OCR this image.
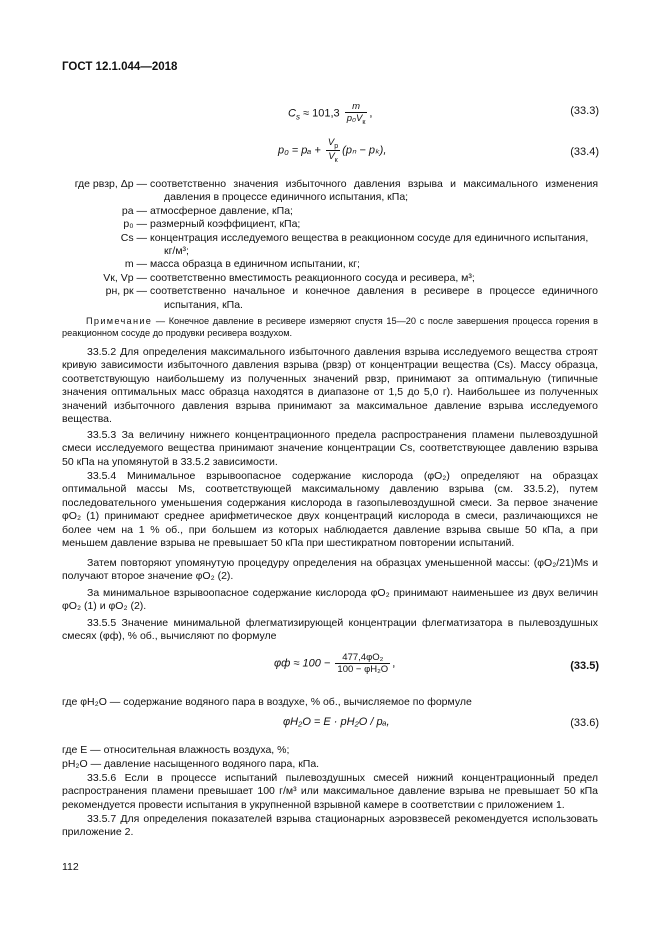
ГОСТ 12.1.044—2018
$C_s \approx 101,3 \frac{m}{p_0V_к}$ ,	(33.3)
$p_0 = p_a + \frac{V_р}{V_к} (p_n - p_k)$,	(33.4)
где pвзр, Δp — соответственно значения избыточного давления взрыва и максимального изменения давления в процессе единичного испытания, кПа;
pа — атмосферное давление, кПа;
p₀ — размерный коэффициент, кПа;
Cs — концентрация исследуемого вещества в реакционном сосуде для единичного испытания, кг/м³;
m — масса образца в единичном испытании, кг;
Vк, Vр — соответственно вместимость реакционного сосуда и ресивера, м³;
pн, pк — соответственно начальное и конечное давления в ресивере в процессе единичного испытания, кПа.
Примечание — Конечное давление в ресивере измеряют спустя 15—20 с после завершения процесса горения в реакционном сосуде до продувки ресивера воздухом.
33.5.2 Для определения максимального избыточного давления взрыва исследуемого вещества строят кривую зависимости избыточного давления взрыва (pвзр) от концентрации вещества (Cs). Массу образца, соответствующую наибольшему из полученных значений pвзр, принимают за оптимальную (типичные значения оптимальных масс образца находятся в диапазоне от 1,5 до 5,0 г). Наибольшее из полученных значений избыточного давления взрыва принимают за максимальное давление взрыва исследуемого вещества.
33.5.3 За величину нижнего концентрационного предела распространения пламени пылевоздушной смеси исследуемого вещества принимают значение концентрации Cs, соответствующее давлению взрыва 50 кПа на упомянутой в 33.5.2 зависимости.
33.5.4 Минимальное взрывоопасное содержание кислорода (φO₂) определяют на образцах оптимальной массы Ms, соответствующей максимальному давлению взрыва (см. 33.5.2), путем последовательного уменьшения содержания кислорода в газопылевоздушной смеси. За первое значение φO₂ (1) принимают среднее арифметическое двух концентраций кислорода в смеси, различающихся не более чем на 1 % об., при большем из которых наблюдается давление взрыва свыше 50 кПа, а при меньшем давление взрыва не превышает 50 кПа при шестикратном повторении испытаний.
Затем повторяют упомянутую процедуру определения на образцах уменьшенной массы: (φO₂/21)Ms и получают второе значение φO₂ (2).
За минимальное взрывоопасное содержание кислорода φO₂ принимают наименьшее из двух величин φO₂ (1) и φO₂ (2).
33.5.5 Значение минимальной флегматизирующей концентрации флегматизатора в пылевоздушных смесях (φф), % об., вычисляют по формуле
$\varphi ф \approx 100 - \frac{\text{477,4φO₂}}{\text{100 − φH₂O}}$ ,	(33.5)
где φH₂O — содержание водяного пара в воздухе, % об., вычисляемое по формуле
φH₂O = E · pH₂O / pₐ,	(33.6)
где E — относительная влажность воздуха, %;
pH₂O — давление насыщенного водяного пара, кПа.
33.5.6 Если в процессе испытаний пылевоздушных смесей нижний концентрационный предел распространения пламени превышает 100 г/м³ или максимальное давление взрыва не превышает 50 кПа рекомендуется провести испытания в укрупненной взрывной камере в соответствии с приложением 1.
33.5.7 Для определения показателей взрыва стационарных аэровзвесей рекомендуется использовать приложение 2.
112
